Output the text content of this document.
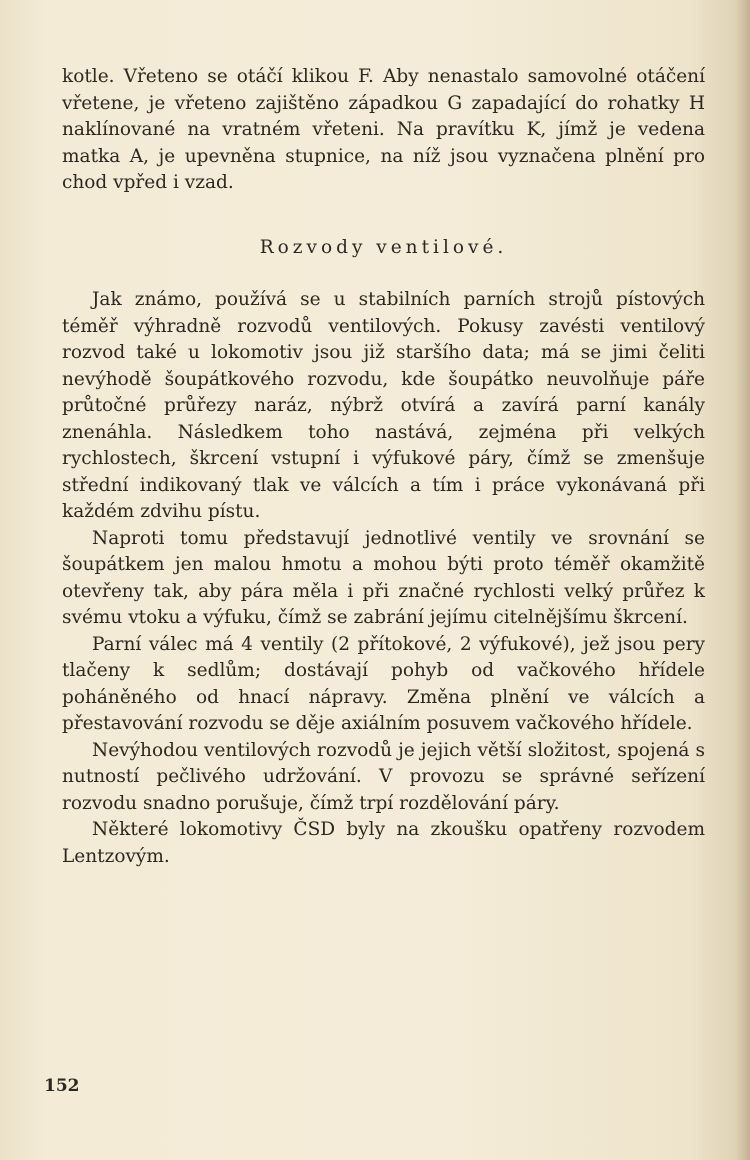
kotle. Vřeteno se otáčí klikou F. Aby nenastalo samovolné otáčení vřetene, je vřeteno zajištěno západkou G zapadající do rohatky H naklínované na vratném vřeteni. Na pravítku K, jímž je vedena matka A, je upevněna stupnice, na níž jsou vyznačena plnění pro chod vpřed i vzad.

Rozvody ventilové.

Jak známo, používá se u stabilních parních strojů pístových téměř výhradně rozvodů ventilových. Pokusy zavésti ventilový rozvod také u lokomotiv jsou již staršího data; má se jimi čeliti nevýhodě šoupátkového rozvodu, kde šoupátko neuvolňuje páře průtočné průřezy naráz, nýbrž otvírá a zavírá parní kanály znenáhla. Následkem toho nastává, zejména při velkých rychlostech, škrcení vstupní i výfukové páry, čímž se zmenšuje střední indikovaný tlak ve válcích a tím i práce vykonávaná při každém zdvihu pístu.

Naproti tomu představují jednotlivé ventily ve srovnání se šoupátkem jen malou hmotu a mohou býti proto téměř okamžitě otevřeny tak, aby pára měla i při značné rychlosti velký průřez k svému vtoku a výfuku, čímž se zabrání jejímu citelnějšímu škrcení.

Parní válec má 4 ventily (2 přítokové, 2 výfukové), jež jsou pery tlačeny k sedlům; dostávají pohyb od vačkového hřídele poháněného od hnací nápravy. Změna plnění ve válcích a přestavování rozvodu se děje axiálním posuvem vačkového hřídele.

Nevýhodou ventilových rozvodů je jejich větší složitost, spojená s nutností pečlivého udržování. V provozu se správné seřízení rozvodu snadno porušuje, čímž trpí rozdělování páry.

Některé lokomotivy ČSD byly na zkoušku opatřeny rozvodem Lentzovým.

152
